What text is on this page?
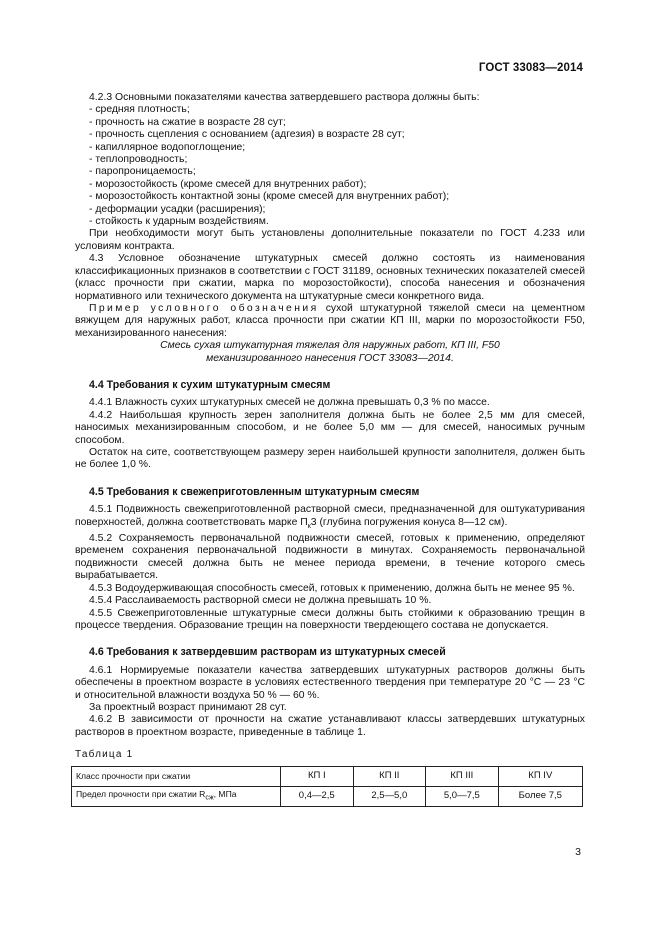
ГОСТ 33083—2014

4.2.3 Основными показателями качества затвердевшего раствора должны быть:

- средняя плотность;

- прочность на сжатие в возрасте 28 сут;

- прочность сцепления с основанием (адгезия) в возрасте 28 сут;

- капиллярное водопоглощение;

- теплопроводность;

- паропроницаемость;

- морозостойкость (кроме смесей для внутренних работ);

- морозостойкость контактной зоны (кроме смесей для внутренних работ);

- деформации усадки (расширения);

- стойкость к ударным воздействиям.

При необходимости могут быть установлены дополнительные показатели по ГОСТ 4.233 или условиям контракта.

4.3 Условное обозначение штукатурных смесей должно состоять из наименования классификационных признаков в соответствии с ГОСТ 31189, основных технических показателей смесей (класс прочности при сжатии, марка по морозостойкости), способа нанесения и обозначения нормативного или технического документа на штукатурные смеси конкретного вида.

Пример условного обозначения сухой штукатурной тяжелой смеси на цементном вяжущем для наружных работ, класса прочности при сжатии КП III, марки по морозостойкости F50, механизированного нанесения:

Смесь сухая штукатурная тяжелая для наружных работ, КП III, F50

механизированного нанесения ГОСТ 33083—2014.

4.4 Требования к сухим штукатурным смесям

4.4.1 Влажность сухих штукатурных смесей не должна превышать 0,3 % по массе.

4.4.2 Наибольшая крупность зерен заполнителя должна быть не более 2,5 мм для смесей, наносимых механизированным способом, и не более 5,0 мм — для смесей, наносимых ручным способом.

Остаток на сите, соответствующем размеру зерен наибольшей крупности заполнителя, должен быть не более 1,0 %.

4.5 Требования к свежеприготовленным штукатурным смесям

4.5.1 Подвижность свежеприготовленной растворной смеси, предназначенной для оштукатуривания поверхностей, должна соответствовать марке $П_к3$ (глубина погружения конуса 8—12 см).

4.5.2 Сохраняемость первоначальной подвижности смесей, готовых к применению, определяют временем сохранения первоначальной подвижности в минутах. Сохраняемость первоначальной подвижности смесей должна быть не менее периода времени, в течение которого смесь вырабатывается.

4.5.3 Водоудерживающая способность смесей, готовых к применению, должна быть не менее 95 %.

4.5.4 Расслаиваемость растворной смеси не должна превышать 10 %.

4.5.5 Свежеприготовленные штукатурные смеси должны быть стойкими к образованию трещин в процессе твердения. Образование трещин на поверхности твердеющего состава не допускается.

4.6 Требования к затвердевшим растворам из штукатурных смесей

4.6.1 Нормируемые показатели качества затвердевших штукатурных растворов должны быть обеспечены в проектном возрасте в условиях естественного твердения при температуре 20 °С — 23 °С и относительной влажности воздуха 50 % — 60 %.

За проектный возраст принимают 28 сут.

4.6.2 В зависимости от прочности на сжатие устанавливают классы затвердевших штукатурных растворов в проектном возрасте, приведенные в таблице 1.

Таблица 1
Класс прочности при сжатии	КП I	КП II	КП III	КП IV
Предел прочности при сжатии $R_{сж}$, МПа	0,4—2,5	2,5—5,0	5,0—7,5	Более 7,5
3
